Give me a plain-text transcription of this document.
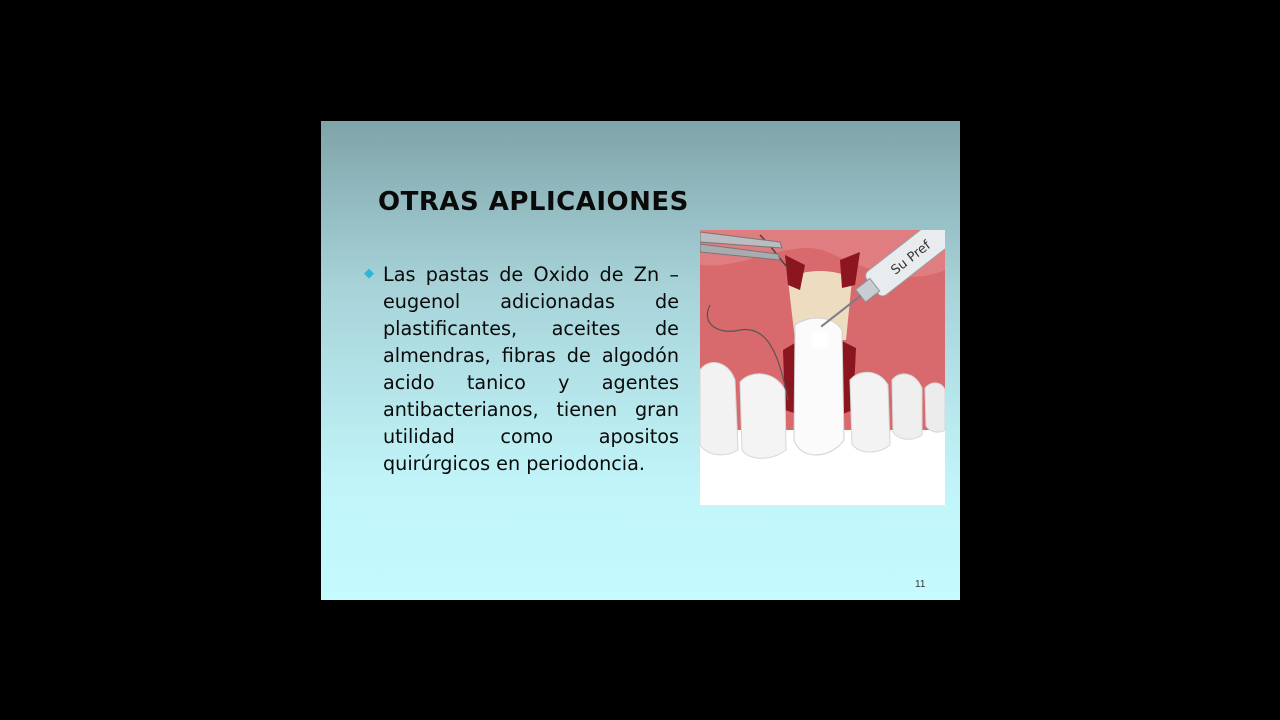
OTRAS APLICAIONES
◆ Las pastas de Oxido de Zn – eugenol adicionadas de plastificantes, aceites de almendras, fibras de algodón acido tanico y agentes antibacterianos, tienen gran utilidad como apositos quirúrgicos en periodoncia.

Su Pref
11
